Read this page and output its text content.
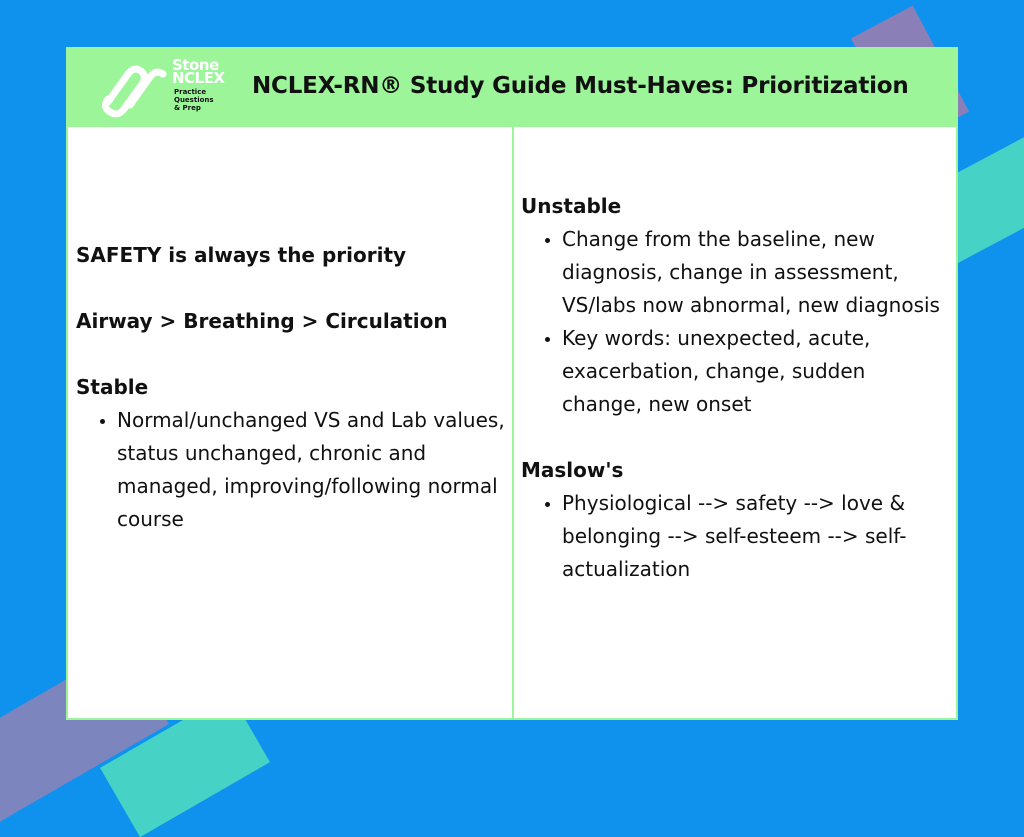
Stone NCLEX
Practice
Questions
& Prep
NCLEX-RN® Study Guide Must-Haves: Prioritization
SAFETY is always the priority
Airway > Breathing > Circulation
Stable
• Normal/unchanged VS and Lab values, status unchanged, chronic and managed, improving/following normal course
Unstable
• Change from the baseline, new diagnosis, change in assessment, VS/labs now abnormal, new diagnosis
• Key words: unexpected, acute, exacerbation, change, sudden change, new onset
Maslow's
• Physiological --> safety --> love & belonging --> self-esteem --> self-actualization
